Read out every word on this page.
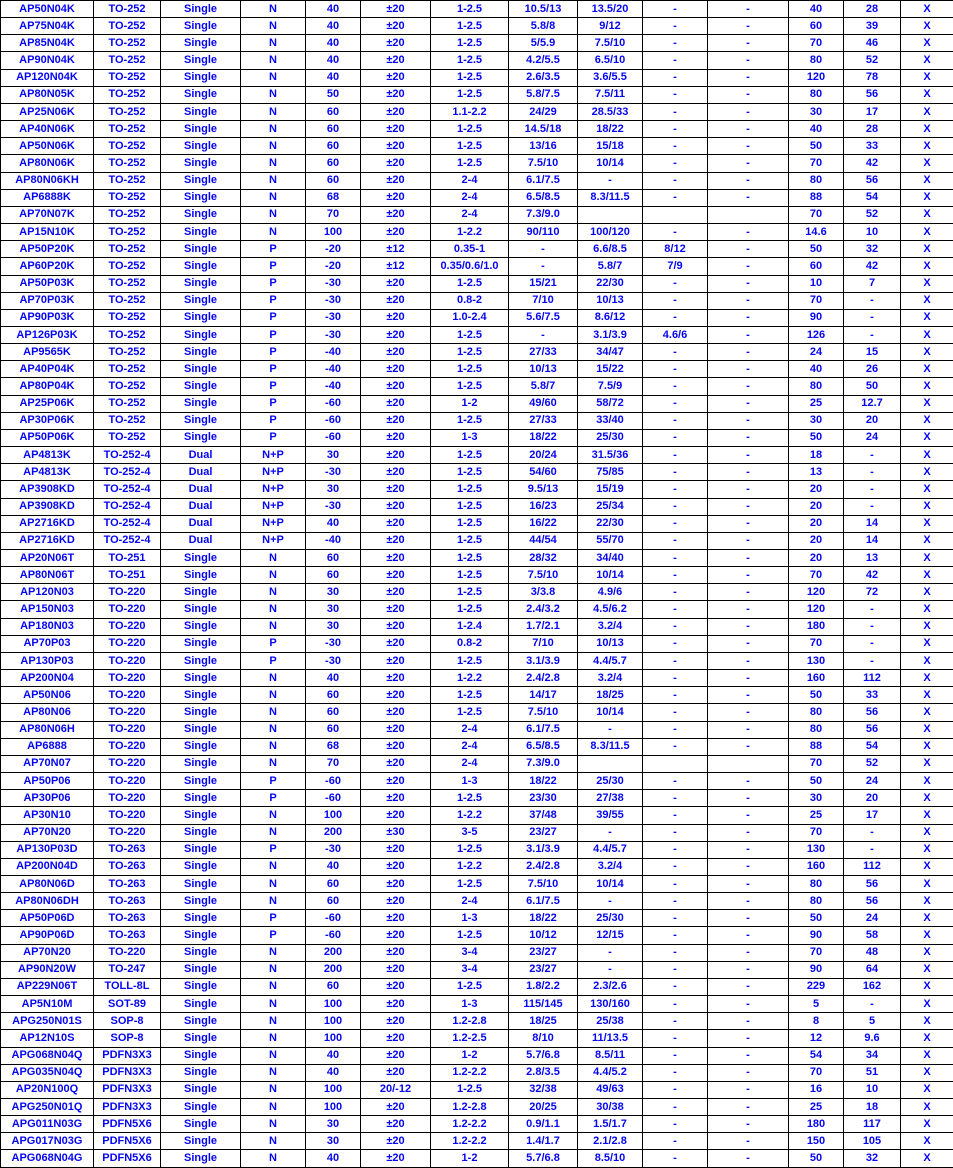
AP50N04K	TO-252	Single	N	40	±20	1-2.5	10.5/13	13.5/20	-	-	40	28	X
AP75N04K	TO-252	Single	N	40	±20	1-2.5	5.8/8	9/12	-	-	60	39	X
AP85N04K	TO-252	Single	N	40	±20	1-2.5	5/5.9	7.5/10	-	-	70	46	X
AP90N04K	TO-252	Single	N	40	±20	1-2.5	4.2/5.5	6.5/10	-	-	80	52	X
AP120N04K	TO-252	Single	N	40	±20	1-2.5	2.6/3.5	3.6/5.5	-	-	120	78	X
AP80N05K	TO-252	Single	N	50	±20	1-2.5	5.8/7.5	7.5/11	-	-	80	56	X
AP25N06K	TO-252	Single	N	60	±20	1.1-2.2	24/29	28.5/33	-	-	30	17	X
AP40N06K	TO-252	Single	N	60	±20	1-2.5	14.5/18	18/22	-	-	40	28	X
AP50N06K	TO-252	Single	N	60	±20	1-2.5	13/16	15/18	-	-	50	33	X
AP80N06K	TO-252	Single	N	60	±20	1-2.5	7.5/10	10/14	-	-	70	42	X
AP80N06KH	TO-252	Single	N	60	±20	2-4	6.1/7.5	-	-	-	80	56	X
AP6888K	TO-252	Single	N	68	±20	2-4	6.5/8.5	8.3/11.5	-	-	88	54	X
AP70N07K	TO-252	Single	N	70	±20	2-4	7.3/9.0				70	52	X
AP15N10K	TO-252	Single	N	100	±20	1-2.2	90/110	100/120	-	-	14.6	10	X
AP50P20K	TO-252	Single	P	-20	±12	0.35-1	-	6.6/8.5	8/12	-	50	32	X
AP60P20K	TO-252	Single	P	-20	±12	0.35/0.6/1.0	-	5.8/7	7/9	-	60	42	X
AP50P03K	TO-252	Single	P	-30	±20	1-2.5	15/21	22/30	-	-	10	7	X
AP70P03K	TO-252	Single	P	-30	±20	0.8-2	7/10	10/13	-	-	70	-	X
AP90P03K	TO-252	Single	P	-30	±20	1.0-2.4	5.6/7.5	8.6/12	-	-	90	-	X
AP126P03K	TO-252	Single	P	-30	±20	1-2.5	-	3.1/3.9	4.6/6	-	126	-	X
AP9565K	TO-252	Single	P	-40	±20	1-2.5	27/33	34/47	-	-	24	15	X
AP40P04K	TO-252	Single	P	-40	±20	1-2.5	10/13	15/22	-	-	40	26	X
AP80P04K	TO-252	Single	P	-40	±20	1-2.5	5.8/7	7.5/9	-	-	80	50	X
AP25P06K	TO-252	Single	P	-60	±20	1-2	49/60	58/72	-	-	25	12.7	X
AP30P06K	TO-252	Single	P	-60	±20	1-2.5	27/33	33/40	-	-	30	20	X
AP50P06K	TO-252	Single	P	-60	±20	1-3	18/22	25/30	-	-	50	24	X
AP4813K	TO-252-4	Dual	N+P	30	±20	1-2.5	20/24	31.5/36	-	-	18	-	X
AP4813K	TO-252-4	Dual	N+P	-30	±20	1-2.5	54/60	75/85	-	-	13	-	X
AP3908KD	TO-252-4	Dual	N+P	30	±20	1-2.5	9.5/13	15/19	-	-	20	-	X
AP3908KD	TO-252-4	Dual	N+P	-30	±20	1-2.5	16/23	25/34	-	-	20	-	X
AP2716KD	TO-252-4	Dual	N+P	40	±20	1-2.5	16/22	22/30	-	-	20	14	X
AP2716KD	TO-252-4	Dual	N+P	-40	±20	1-2.5	44/54	55/70	-	-	20	14	X
AP20N06T	TO-251	Single	N	60	±20	1-2.5	28/32	34/40	-	-	20	13	X
AP80N06T	TO-251	Single	N	60	±20	1-2.5	7.5/10	10/14	-	-	70	42	X
AP120N03	TO-220	Single	N	30	±20	1-2.5	3/3.8	4.9/6	-	-	120	72	X
AP150N03	TO-220	Single	N	30	±20	1-2.5	2.4/3.2	4.5/6.2	-	-	120	-	X
AP180N03	TO-220	Single	N	30	±20	1-2.4	1.7/2.1	3.2/4	-	-	180	-	X
AP70P03	TO-220	Single	P	-30	±20	0.8-2	7/10	10/13	-	-	70	-	X
AP130P03	TO-220	Single	P	-30	±20	1-2.5	3.1/3.9	4.4/5.7	-	-	130	-	X
AP200N04	TO-220	Single	N	40	±20	1-2.2	2.4/2.8	3.2/4	-	-	160	112	X
AP50N06	TO-220	Single	N	60	±20	1-2.5	14/17	18/25	-	-	50	33	X
AP80N06	TO-220	Single	N	60	±20	1-2.5	7.5/10	10/14	-	-	80	56	X
AP80N06H	TO-220	Single	N	60	±20	2-4	6.1/7.5	-	-	-	80	56	X
AP6888	TO-220	Single	N	68	±20	2-4	6.5/8.5	8.3/11.5	-	-	88	54	X
AP70N07	TO-220	Single	N	70	±20	2-4	7.3/9.0				70	52	X
AP50P06	TO-220	Single	P	-60	±20	1-3	18/22	25/30	-	-	50	24	X
AP30P06	TO-220	Single	P	-60	±20	1-2.5	23/30	27/38	-	-	30	20	X
AP30N10	TO-220	Single	N	100	±20	1-2.2	37/48	39/55	-	-	25	17	X
AP70N20	TO-220	Single	N	200	±30	3-5	23/27	-	-	-	70	-	X
AP130P03D	TO-263	Single	P	-30	±20	1-2.5	3.1/3.9	4.4/5.7	-	-	130	-	X
AP200N04D	TO-263	Single	N	40	±20	1-2.2	2.4/2.8	3.2/4	-	-	160	112	X
AP80N06D	TO-263	Single	N	60	±20	1-2.5	7.5/10	10/14	-	-	80	56	X
AP80N06DH	TO-263	Single	N	60	±20	2-4	6.1/7.5	-	-	-	80	56	X
AP50P06D	TO-263	Single	P	-60	±20	1-3	18/22	25/30	-	-	50	24	X
AP90P06D	TO-263	Single	P	-60	±20	1-2.5	10/12	12/15	-	-	90	58	X
AP70N20	TO-220	Single	N	200	±20	3-4	23/27	-	-	-	70	48	X
AP90N20W	TO-247	Single	N	200	±20	3-4	23/27	-	-	-	90	64	X
AP229N06T	TOLL-8L	Single	N	60	±20	1-2.5	1.8/2.2	2.3/2.6	-	-	229	162	X
AP5N10M	SOT-89	Single	N	100	±20	1-3	115/145	130/160	-	-	5	-	X
APG250N01S	SOP-8	Single	N	100	±20	1.2-2.8	18/25	25/38	-	-	8	5	X
AP12N10S	SOP-8	Single	N	100	±20	1.2-2.5	8/10	11/13.5	-	-	12	9.6	X
APG068N04Q	PDFN3X3	Single	N	40	±20	1-2	5.7/6.8	8.5/11	-	-	54	34	X
APG035N04Q	PDFN3X3	Single	N	40	±20	1.2-2.2	2.8/3.5	4.4/5.2	-	-	70	51	X
AP20N100Q	PDFN3X3	Single	N	100	20/-12	1-2.5	32/38	49/63	-	-	16	10	X
APG250N01Q	PDFN3X3	Single	N	100	±20	1.2-2.8	20/25	30/38	-	-	25	18	X
APG011N03G	PDFN5X6	Single	N	30	±20	1.2-2.2	0.9/1.1	1.5/1.7	-	-	180	117	X
APG017N03G	PDFN5X6	Single	N	30	±20	1.2-2.2	1.4/1.7	2.1/2.8	-	-	150	105	X
APG068N04G	PDFN5X6	Single	N	40	±20	1-2	5.7/6.8	8.5/10	-	-	50	32	X
